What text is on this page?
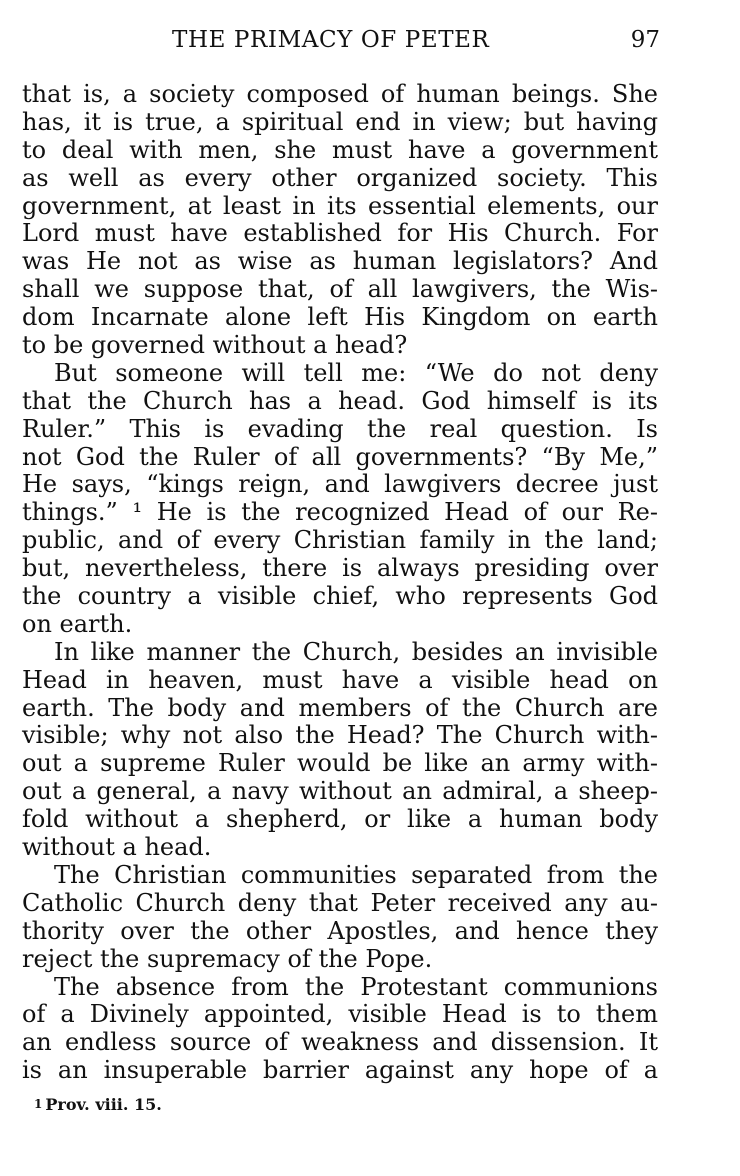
THE PRIMACY OF PETER	97
that is, a society composed of human beings. She
has, it is true, a spiritual end in view; but having
to deal with men, she must have a government
as well as every other organized society. This
government, at least in its essential elements, our
Lord must have established for His Church. For
was He not as wise as human legislators? And
shall we suppose that, of all lawgivers, the Wis-
dom Incarnate alone left His Kingdom on earth
to be governed without a head?
But someone will tell me: “We do not deny
that the Church has a head. God himself is its
Ruler.” This is evading the real question. Is
not God the Ruler of all governments? “By Me,”
He says, “kings reign, and lawgivers decree just
things.” ¹ He is the recognized Head of our Re-
public, and of every Christian family in the land;
but, nevertheless, there is always presiding over
the country a visible chief, who represents God
on earth.
In like manner the Church, besides an invisible
Head in heaven, must have a visible head on
earth. The body and members of the Church are
visible; why not also the Head? The Church with-
out a supreme Ruler would be like an army with-
out a general, a navy without an admiral, a sheep-
fold without a shepherd, or like a human body
without a head.
The Christian communities separated from the
Catholic Church deny that Peter received any au-
thority over the other Apostles, and hence they
reject the supremacy of the Pope.
The absence from the Protestant communions
of a Divinely appointed, visible Head is to them
an endless source of weakness and dissension. It
is an insuperable barrier against any hope of a
$^1$ Prov. viii. 15.
